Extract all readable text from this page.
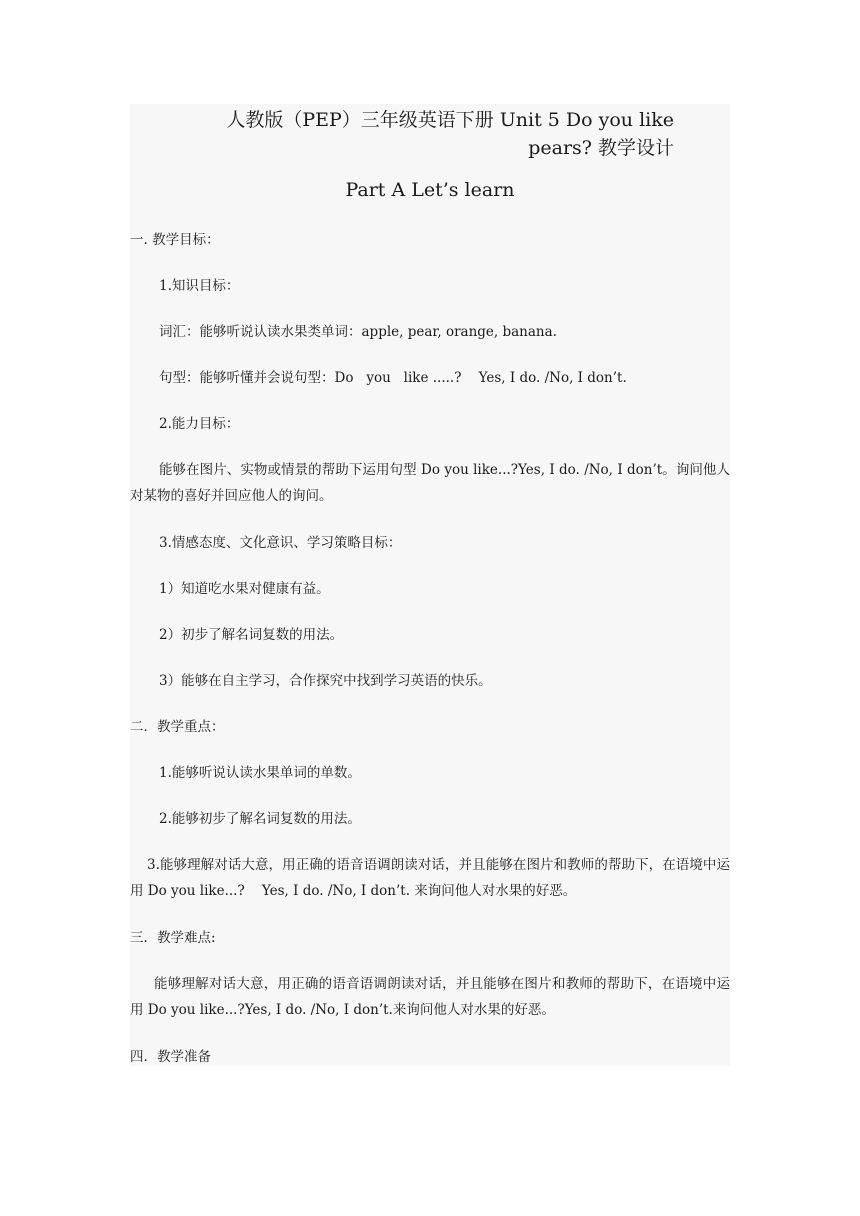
人教版（PEP）三年级英语下册 Unit 5 Do you like pears? 教学设计
Part A Let’s learn
一. 教学目标：
1.知识目标：
词汇：能够听说认读水果类单词：apple, pear, orange, banana.
句型：能够听懂并会说句型：Do   you   like .....?    Yes, I do. /No, I don’t.
2.能力目标：
能够在图片、实物或情景的帮助下运用句型 Do you like...?Yes, I do. /No, I don’t。询问他人对某物的喜好并回应他人的询问。
3.情感态度、文化意识、学习策略目标：
1）知道吃水果对健康有益。
2）初步了解名词复数的用法。
3）能够在自主学习，合作探究中找到学习英语的快乐。
二．教学重点：
1.能够听说认读水果单词的单数。
2.能够初步了解名词复数的用法。
3.能够理解对话大意，用正确的语音语调朗读对话，并且能够在图片和教师的帮助下，在语境中运用 Do you like...?    Yes, I do. /No, I don’t. 来询问他人对水果的好恶。
三．教学难点:
能够理解对话大意，用正确的语音语调朗读对话，并且能够在图片和教师的帮助下，在语境中运用 Do you like...?Yes, I do. /No, I don’t.来询问他人对水果的好恶。
四．教学准备
